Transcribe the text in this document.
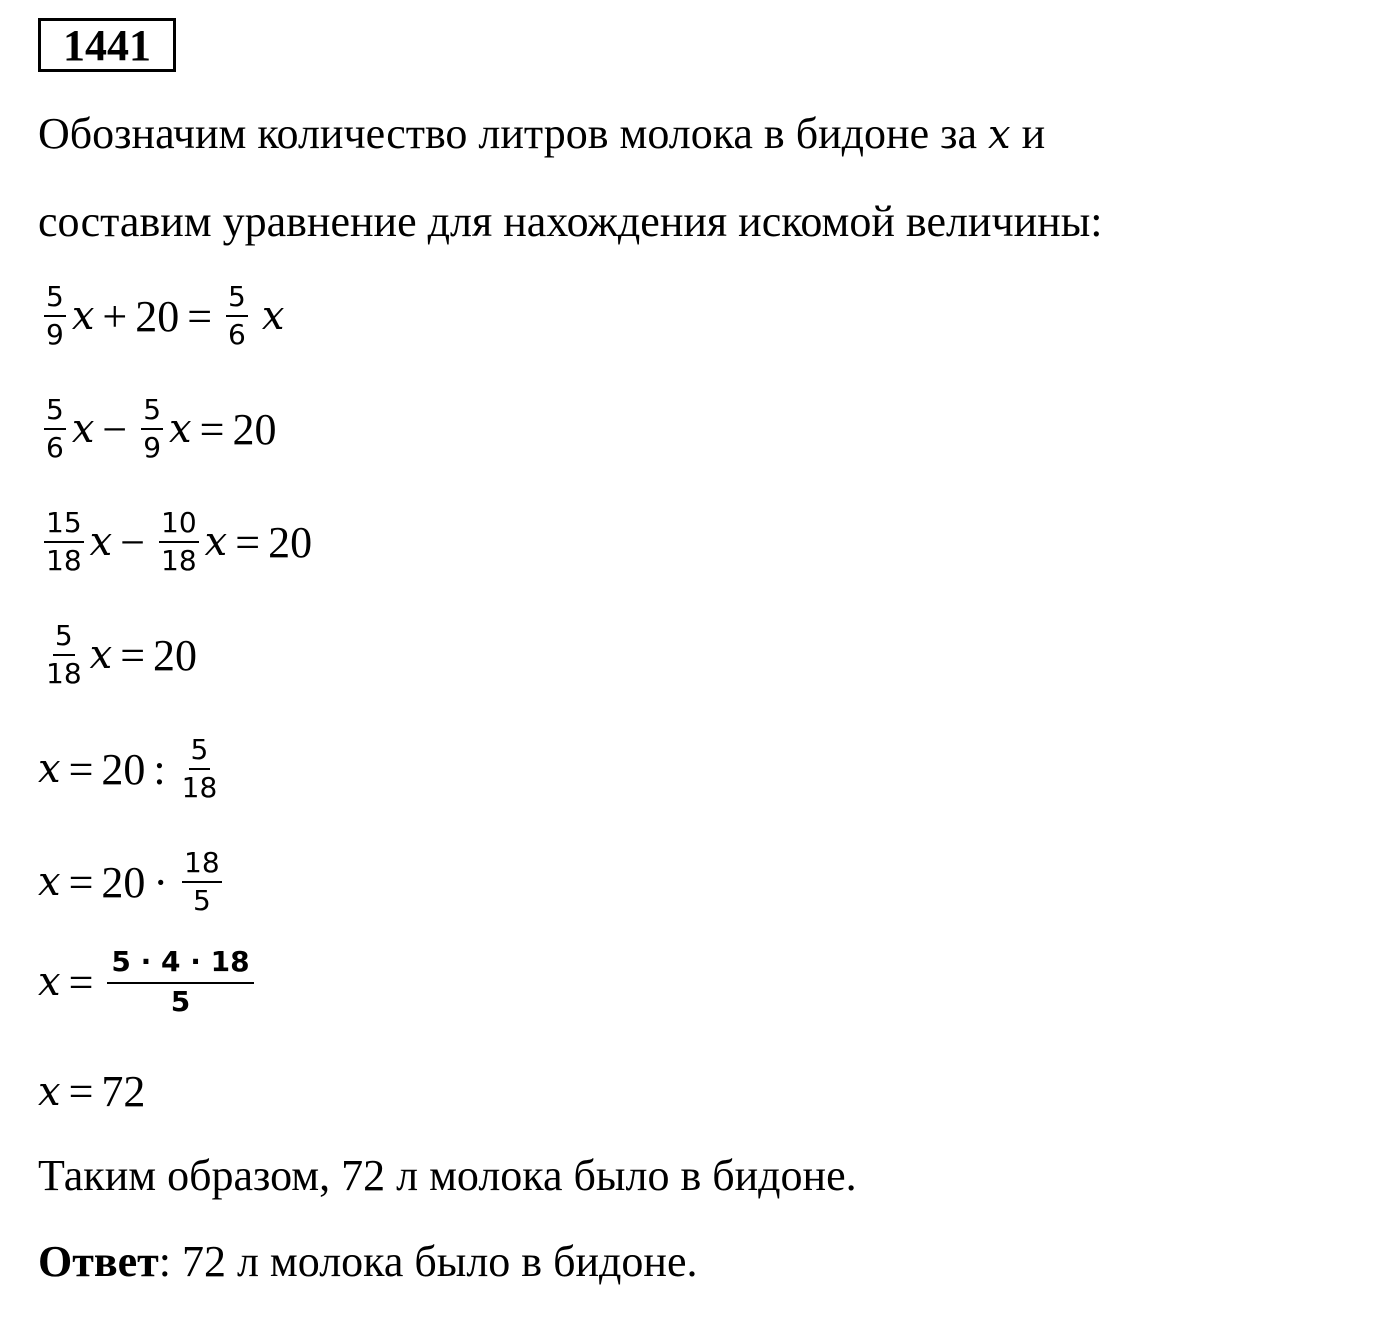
1441
Обозначим количество литров молока в бидоне за x и
составим уравнение для нахождения искомой величины:
$\frac{5}{9}$ $x + 20 = \frac{5}{6}$ x
$\frac{5}{6}$ $x - \frac{5}{9}$ x = 20
$\frac{15}{18}$ $x - \frac{10}{18}$ x = 20
$\frac{5}{18}$ x = 20
x = 20 : $\frac{5}{18}$
$x = 20 \cdot \frac{18}{5}$
$x = \frac{5 \cdot 4 \cdot 18}{5}$
x = 72
Таким образом, 72 л молока было в бидоне.
Ответ: 72 л молока было в бидоне.
